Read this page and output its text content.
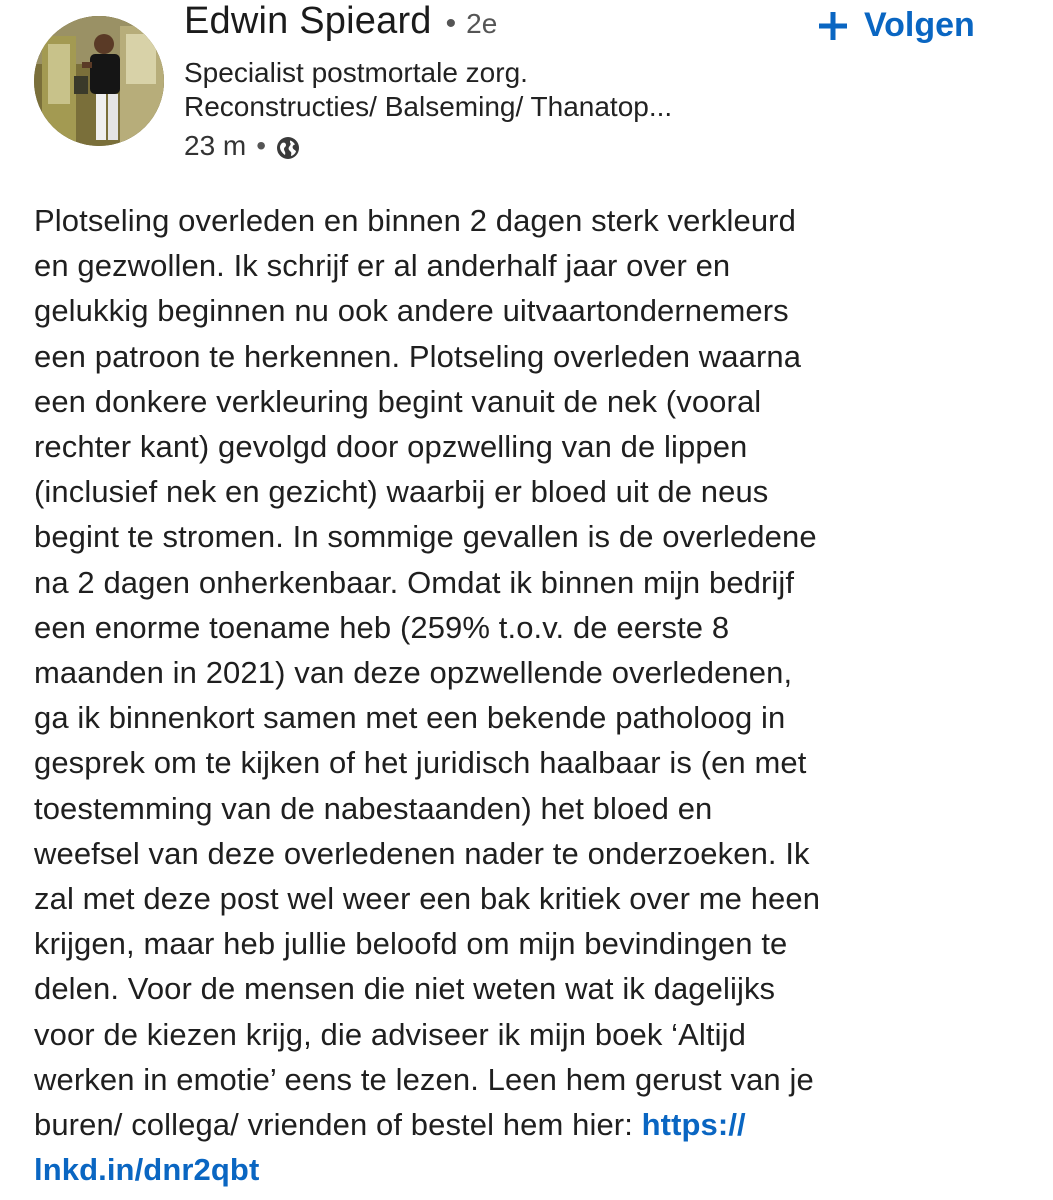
Edwin Spieard • 2e
Specialist postmortale zorg.
Reconstructies/ Balseming/ Thanatop...
23 m •
Volgen
Plotseling overleden en binnen 2 dagen sterk verkleurd
en gezwollen. Ik schrijf er al anderhalf jaar over en
gelukkig beginnen nu ook andere uitvaartondernemers
een patroon te herkennen. Plotseling overleden waarna
een donkere verkleuring begint vanuit de nek (vooral
rechter kant) gevolgd door opzwelling van de lippen
(inclusief nek en gezicht) waarbij er bloed uit de neus
begint te stromen. In sommige gevallen is de overledene
na 2 dagen onherkenbaar. Omdat ik binnen mijn bedrijf
een enorme toename heb (259% t.o.v. de eerste 8
maanden in 2021) van deze opzwellende overledenen,
ga ik binnenkort samen met een bekende patholoog in
gesprek om te kijken of het juridisch haalbaar is (en met
toestemming van de nabestaanden) het bloed en
weefsel van deze overledenen nader te onderzoeken. Ik
zal met deze post wel weer een bak kritiek over me heen
krijgen, maar heb jullie beloofd om mijn bevindingen te
delen. Voor de mensen die niet weten wat ik dagelijks
voor de kiezen krijg, die adviseer ik mijn boek ‘Altijd
werken in emotie’ eens te lezen. Leen hem gerust van je
buren/ collega/ vrienden of bestel hem hier: https://
lnkd.in/dnr2qbt
